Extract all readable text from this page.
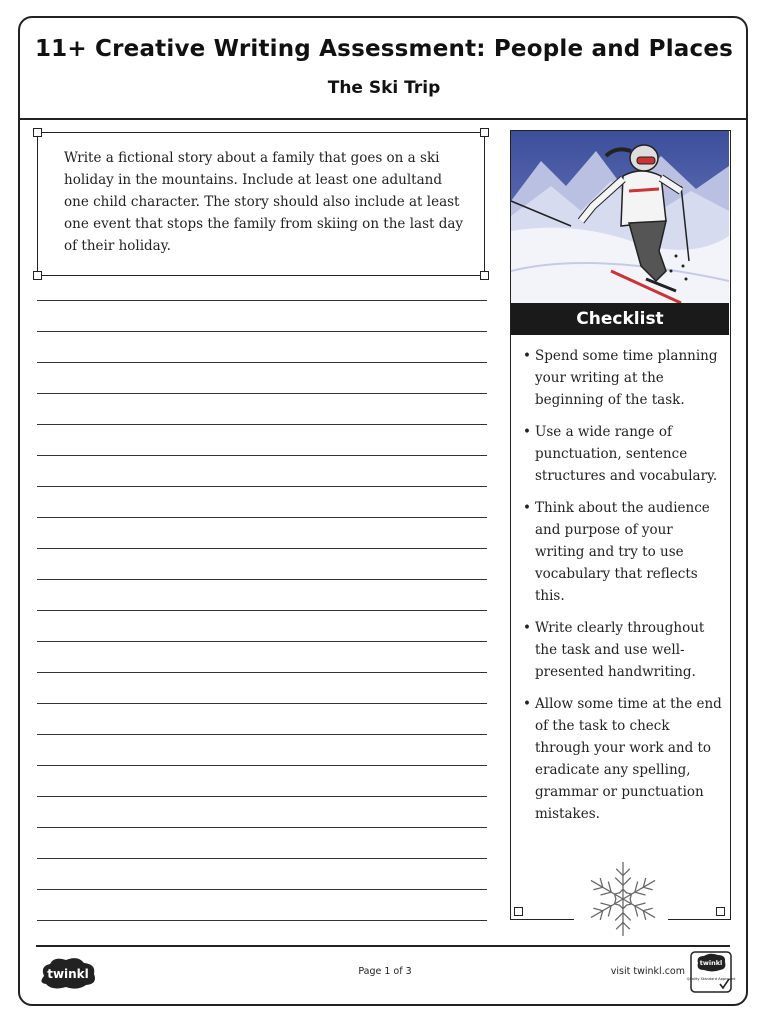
11+ Creative Writing Assessment: People and Places
The Ski Trip
Write a fictional story about a family that goes on a ski holiday in the mountains. Include at least one adultand one child character. The story should also include at least one event that stops the family from skiing on the last day of their holiday.
Checklist
• Spend some time planning your writing at the beginning of the task.
• Use a wide range of punctuation, sentence structures and vocabulary.
• Think about the audience and purpose of your writing and try to use vocabulary that reflects this.
• Write clearly throughout the task and use well-presented handwriting.
• Allow some time at the end of the task to check through your work and to eradicate any spelling, grammar or punctuation mistakes.
twinkl	Page 1 of 3	visit twinkl.com
twinkl
Quality Standard Approved
